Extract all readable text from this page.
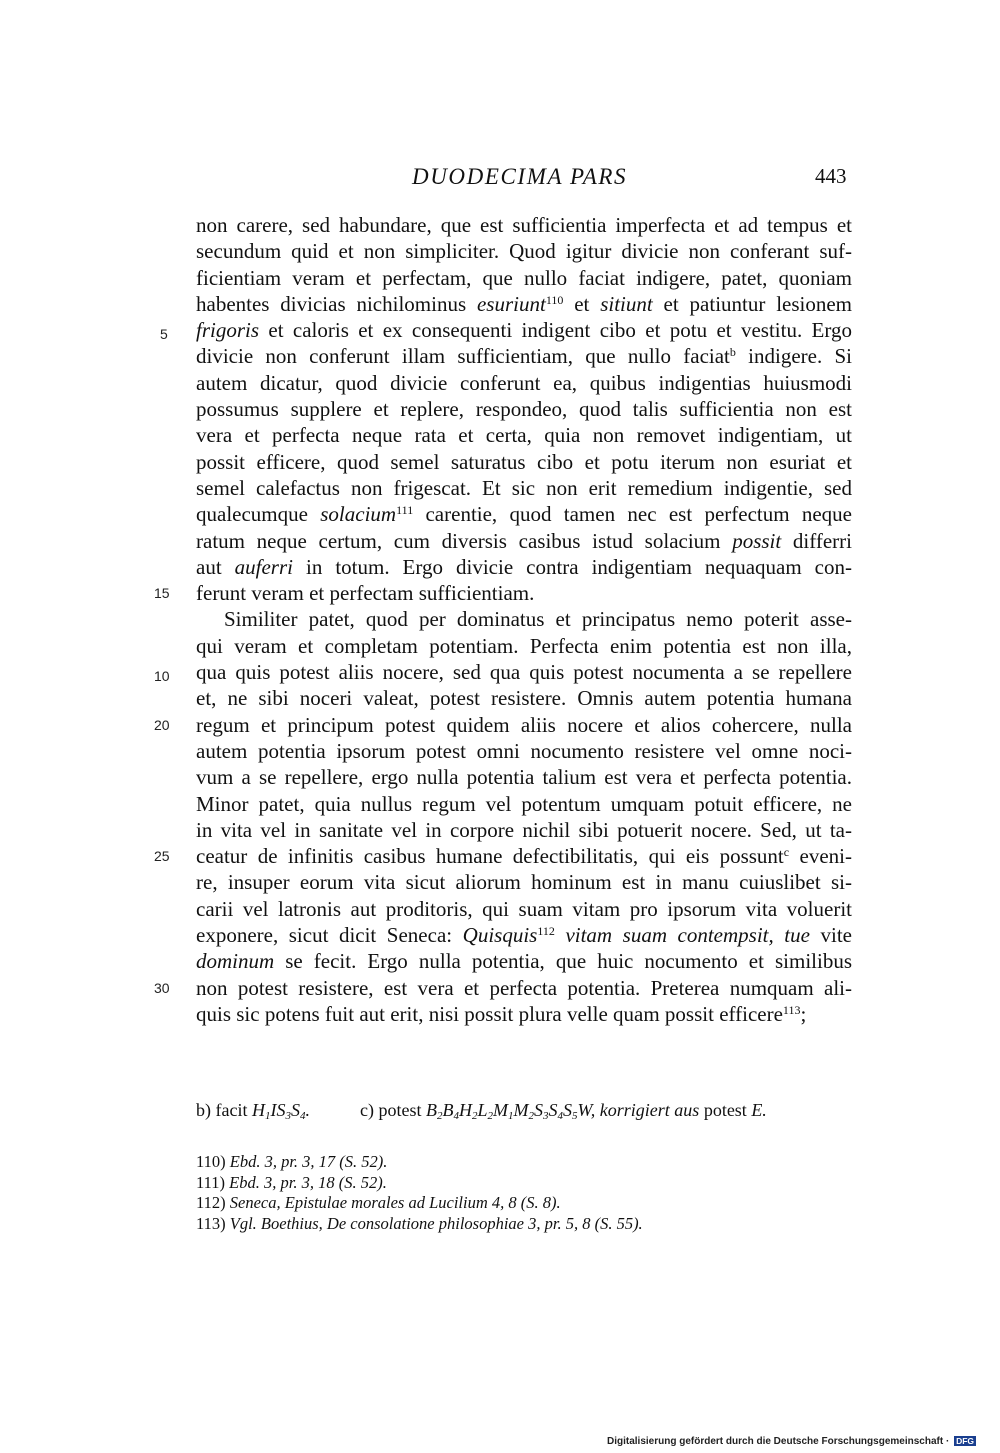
DUODECIMA PARS	443
5
10
non carere, sed habundare, que est sufficientia imperfecta et ad tempus et
secundum quid et non simpliciter. Quod igitur divicie non conferant suf-
ficientiam veram et perfectam, que nullo faciat indigere, patet, quoniam
habentes divicias nichilominus esuriunt$^{110}$ et sitiunt et patiuntur lesionem
frigoris et caloris et ex consequenti indigent cibo et potu et vestitu. Ergo
divicie non conferunt illam sufficientiam, que nullo faciat$^b$ indigere. Si
autem dicatur, quod divicie conferunt ea, quibus indigentias huiusmodi
possumus supplere et replere, respondeo, quod talis sufficientia non est
vera et perfecta neque rata et certa, quia non removet indigentiam, ut
possit efficere, quod semel saturatus cibo et potu iterum non esuriat et
semel calefactus non frigescat. Et sic non erit remedium indigentie, sed
qualecumque solacium$^{111}$ carentie, quod tamen nec est perfectum neque
ratum neque certum, cum diversis casibus istud solacium possit differri
aut auferri in totum. Ergo divicie contra indigentiam nequaquam con-
15 ferunt veram et perfectam sufficientiam.
Similiter patet, quod per dominatus et principatus nemo poterit asse-
qui veram et completam potentiam. Perfecta enim potentia est non illa,
qua quis potest aliis nocere, sed qua quis potest nocumenta a se repellere
et, ne sibi noceri valeat, potest resistere. Omnis autem potentia humana
20 regum et principum potest quidem aliis nocere et alios cohercere, nulla
autem potentia ipsorum potest omni nocumento resistere vel omne noci-
vum a se repellere, ergo nulla potentia talium est vera et perfecta potentia.
Minor patet, quia nullus regum vel potentum umquam potuit efficere, ne
in vita vel in sanitate vel in corpore nichil sibi potuerit nocere. Sed, ut ta-
25 ceatur de infinitis casibus humane defectibilitatis, qui eis possunt$^c$ eveni-
re, insuper eorum vita sicut aliorum hominum est in manu cuiuslibet si-
carii vel latronis aut proditoris, qui suam vitam pro ipsorum vita voluerit
exponere, sicut dicit Seneca: Quisquis$^{112}$ vitam suam contempsit, tue vite
dominum se fecit. Ergo nulla potentia, que huic nocumento et similibus
30 non potest resistere, est vera et perfecta potentia. Preterea numquam ali-
quis sic potens fuit aut erit, nisi possit plura velle quam possit efficere$^{113}$;
b) facit $H_1IS_3S_4$.	c) potest $B_2B_4H_2L_2M_1M_2S_3S_4S_5W$, korrigiert aus potest E.
110) Ebd. 3, pr. 3, 17 (S. 52).
111) Ebd. 3, pr. 3, 18 (S. 52).
112) Seneca, Epistulae morales ad Lucilium 4, 8 (S. 8).
113) Vgl. Boethius, De consolatione philosophiae 3, pr. 5, 8 (S. 55).
Digitalisierung gefördert durch die Deutsche Forschungsgemeinschaft · DFG
